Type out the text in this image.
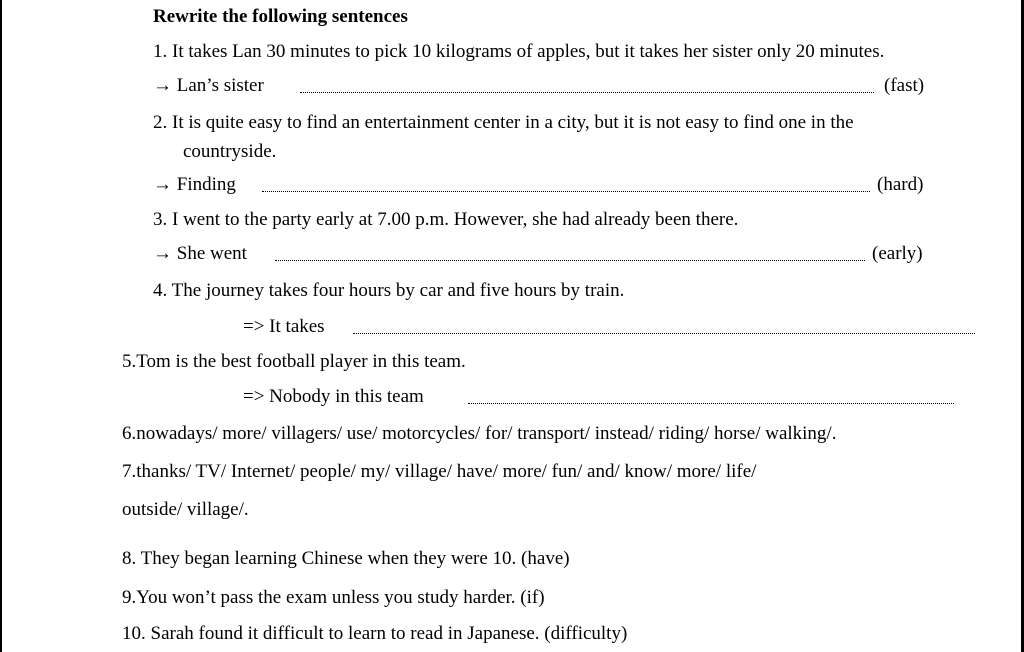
Rewrite the following sentences
1. It takes Lan 30 minutes to pick 10 kilograms of apples, but it takes her sister only 20 minutes.
→ Lan’s sister	(fast)
2. It is quite easy to find an entertainment center in a city, but it is not easy to find one in the
countryside.
→ Finding	(hard)
3. I went to the party early at 7.00 p.m. However, she had already been there.
→ She went	(early)
4. The journey takes four hours by car and five hours by train.
=> It takes
5.Tom is the best football player in this team.
=> Nobody in this team
6.nowadays/ more/ villagers/ use/ motorcycles/ for/ transport/ instead/ riding/ horse/ walking/.
7.thanks/ TV/ Internet/ people/ my/ village/ have/ more/ fun/ and/ know/ more/ life/
outside/ village/.
8. They began learning Chinese when they were 10. (have)
9.You won’t pass the exam unless you study harder. (if)
10. Sarah found it difficult to learn to read in Japanese. (difficulty)
